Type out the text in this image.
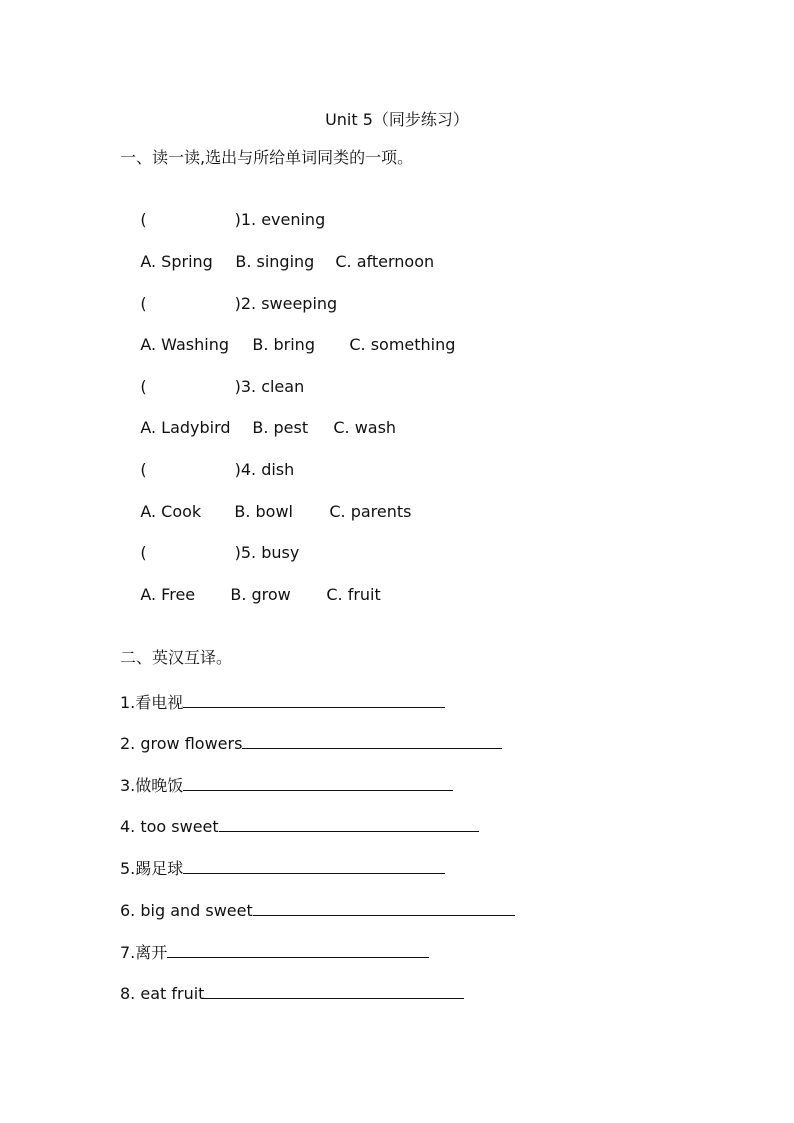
Unit 5（同步练习）
一、读一读,选出与所给单词同类的一项。

(	)1. evening

A. Spring B. singing C. afternoon

(	)2. sweeping

A. Washing B. bring C. something

(	)3. clean

A. Ladybird B. pest C. wash

(	)4. dish

A. Cook B. bowl C. parents

(	)5. busy

A. Free B. grow C. fruit

二、英汉互译。
1.看电视
2. grow flowers
3.做晚饭
4. too sweet
5.踢足球
6. big and sweet
7.离开
8. eat fruit
